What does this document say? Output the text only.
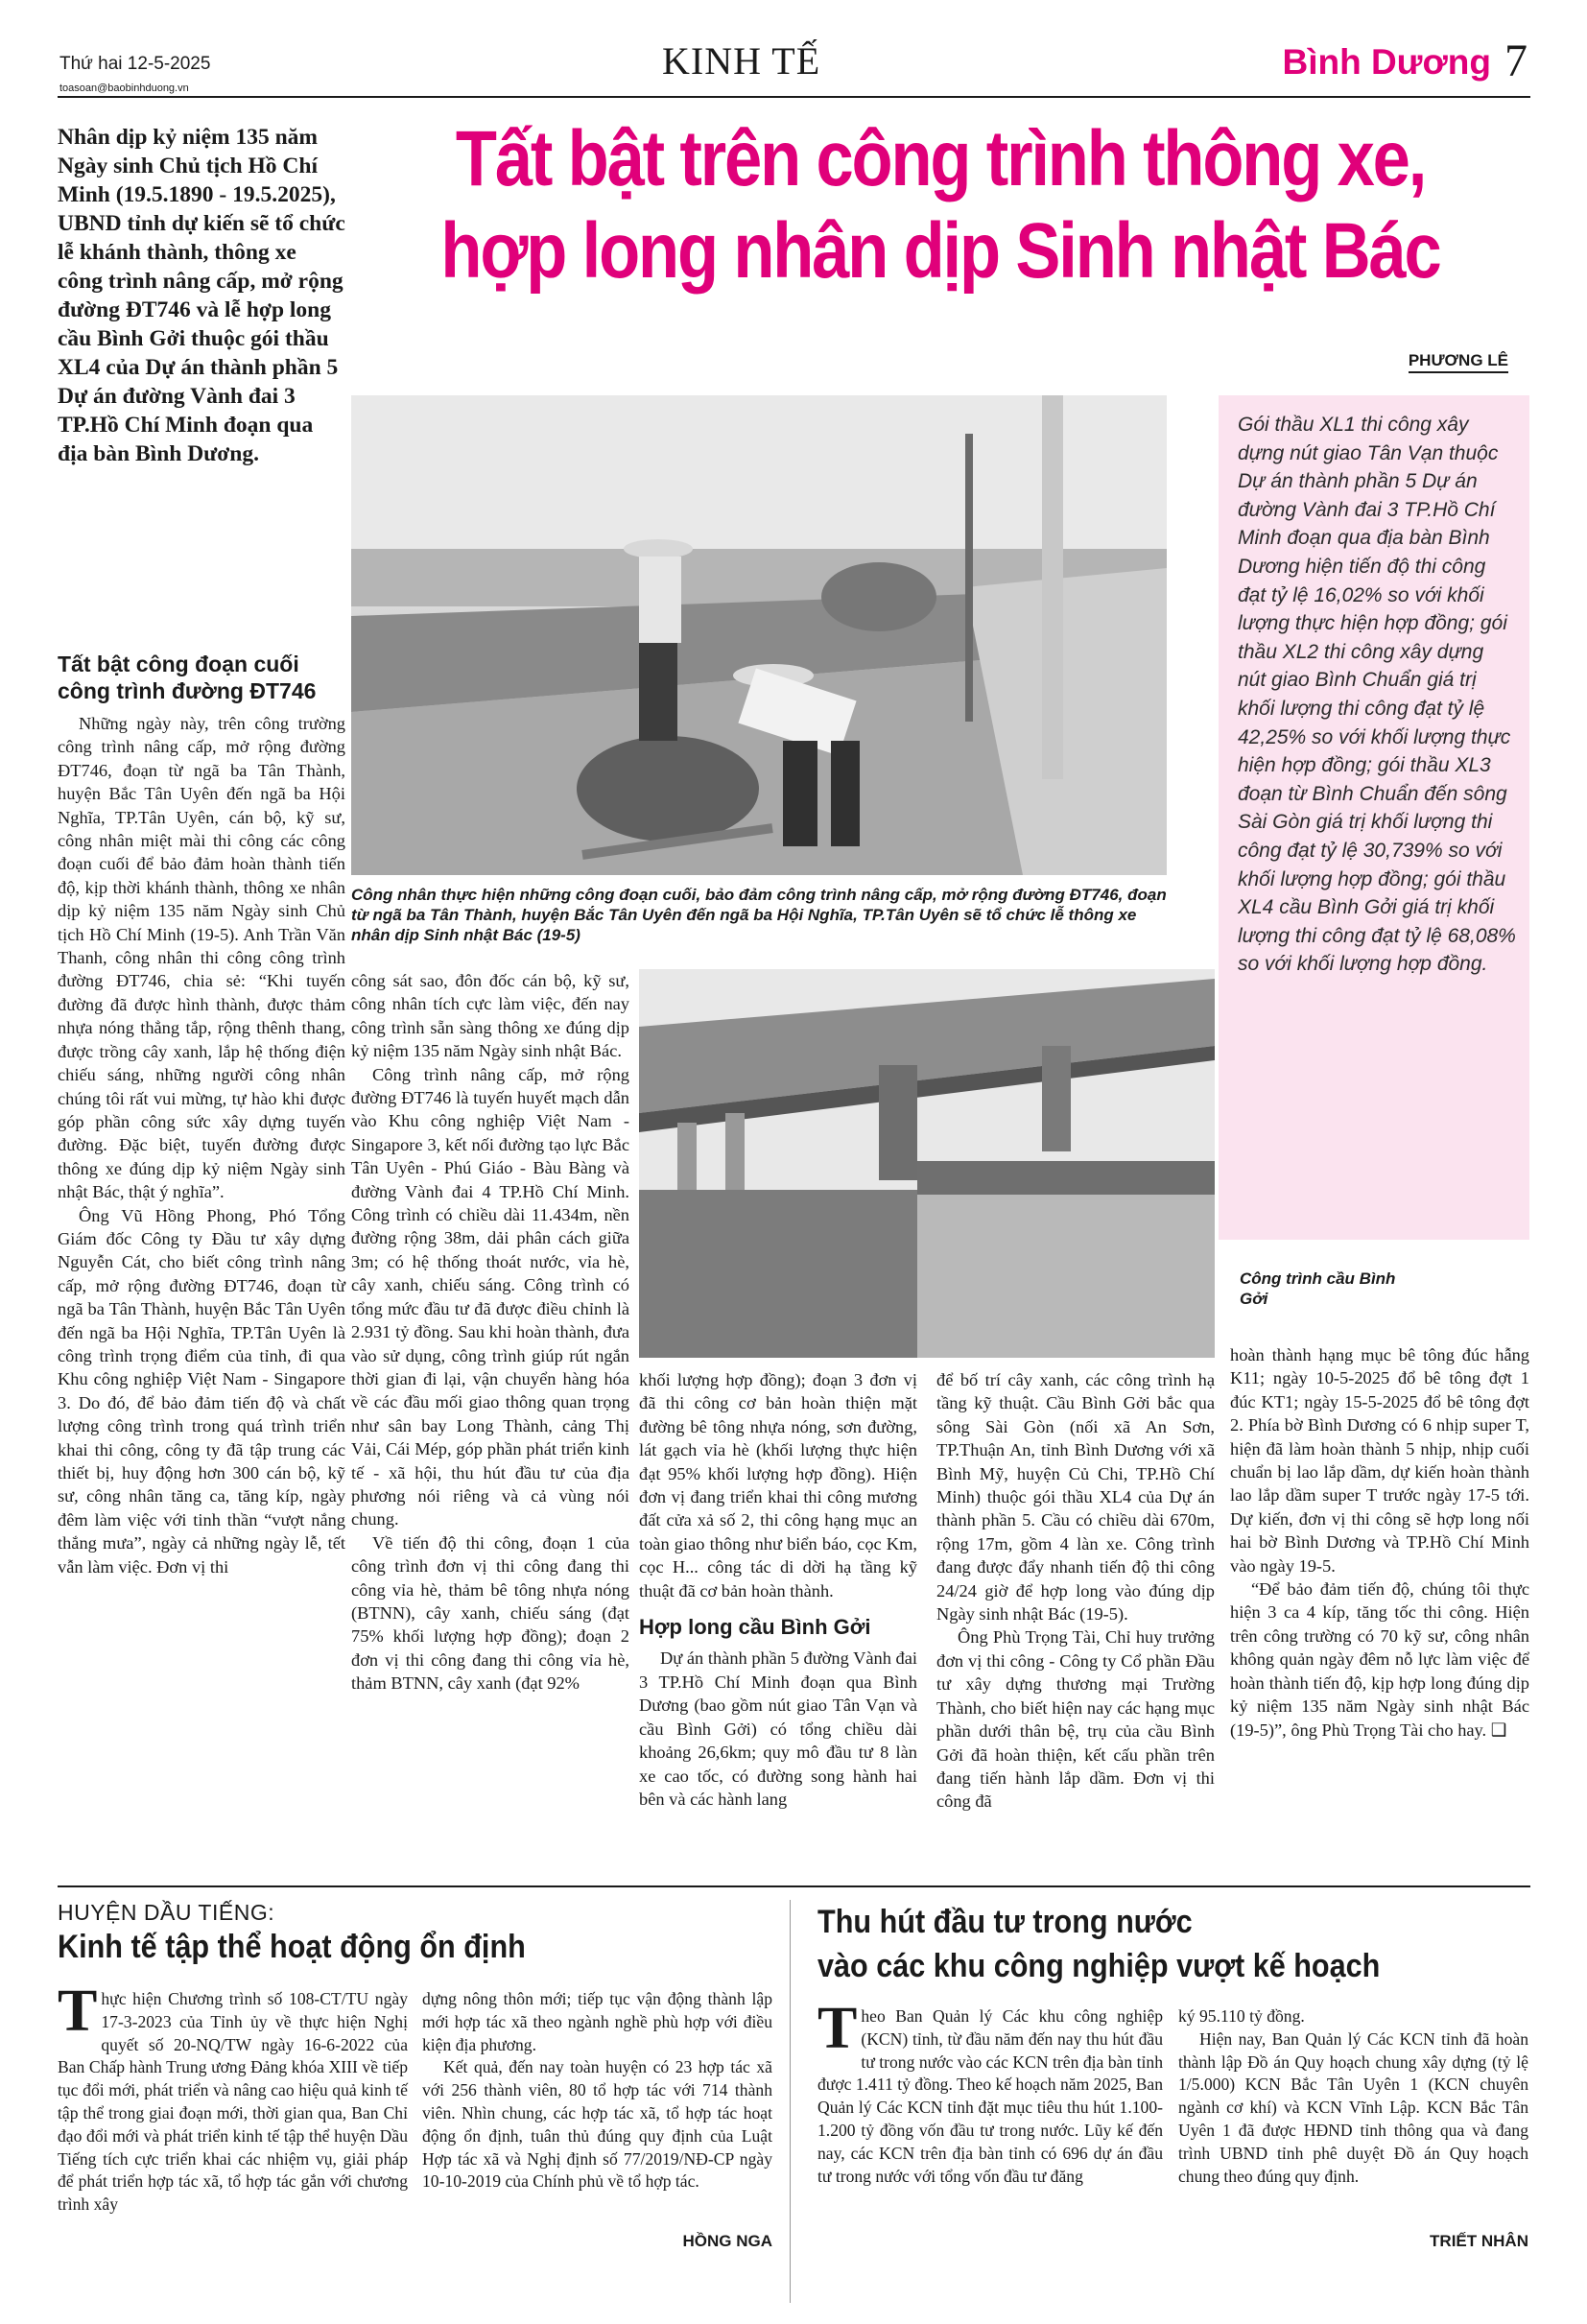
Thứ hai 12-5-2025
toasoan@baobinhduong.vn
KINH TẾ	Bình Dương 7
Nhân dịp kỷ niệm 135 năm Ngày sinh Chủ tịch Hồ Chí Minh (19.5.1890 - 19.5.2025), UBND tỉnh dự kiến sẽ tổ chức lễ khánh thành, thông xe công trình nâng cấp, mở rộng đường ĐT746 và lễ hợp long cầu Bình Gởi thuộc gói thầu XL4 của Dự án thành phần 5 Dự án đường Vành đai 3 TP.Hồ Chí Minh đoạn qua địa bàn Bình Dương.
Tất bật trên công trình thông xe,
hợp long nhân dịp Sinh nhật Bác
PHƯƠNG LÊ
Công nhân thực hiện những công đoạn cuối, bảo đảm công trình nâng cấp, mở rộng đường ĐT746, đoạn từ ngã ba Tân Thành, huyện Bắc Tân Uyên đến ngã ba Hội Nghĩa, TP.Tân Uyên sẽ tổ chức lễ thông xe nhân dịp Sinh nhật Bác (19-5)
Gói thầu XL1 thi công xây dựng nút giao Tân Vạn thuộc Dự án thành phần 5 Dự án đường Vành đai 3 TP.Hồ Chí Minh đoạn qua địa bàn Bình Dương hiện tiến độ thi công đạt tỷ lệ 16,02% so với khối lượng thực hiện hợp đồng; gói thầu XL2 thi công xây dựng nút giao Bình Chuẩn giá trị khối lượng thi công đạt tỷ lệ 42,25% so với khối lượng thực hiện hợp đồng; gói thầu XL3 đoạn từ Bình Chuẩn đến sông Sài Gòn giá trị khối lượng thi công đạt tỷ lệ 30,739% so với khối lượng hợp đồng; gói thầu XL4 cầu Bình Gởi giá trị khối lượng thi công đạt tỷ lệ 68,08% so với khối lượng hợp đồng.
Công trình cầu Bình Gởi
Tất bật công đoạn cuối công trình đường ĐT746

Những ngày này, trên công trường công trình nâng cấp, mở rộng đường ĐT746, đoạn từ ngã ba Tân Thành, huyện Bắc Tân Uyên đến ngã ba Hội Nghĩa, TP.Tân Uyên, cán bộ, kỹ sư, công nhân miệt mài thi công các công đoạn cuối để bảo đảm hoàn thành tiến độ, kịp thời khánh thành, thông xe nhân dịp kỷ niệm 135 năm Ngày sinh Chủ tịch Hồ Chí Minh (19-5). Anh Trần Văn Thanh, công nhân thi công công trình đường ĐT746, chia sẻ: “Khi tuyến đường đã được hình thành, được thảm nhựa nóng thẳng tắp, rộng thênh thang, được trồng cây xanh, lắp hệ thống điện chiếu sáng, những người công nhân chúng tôi rất vui mừng, tự hào khi được góp phần công sức xây dựng tuyến đường. Đặc biệt, tuyến đường được thông xe đúng dịp kỷ niệm Ngày sinh nhật Bác, thật ý nghĩa”.

Ông Vũ Hồng Phong, Phó Tổng Giám đốc Công ty Đầu tư xây dựng Nguyễn Cát, cho biết công trình nâng cấp, mở rộng đường ĐT746, đoạn từ ngã ba Tân Thành, huyện Bắc Tân Uyên đến ngã ba Hội Nghĩa, TP.Tân Uyên là công trình trọng điểm của tỉnh, đi qua Khu công nghiệp Việt Nam - Singapore 3. Do đó, để bảo đảm tiến độ và chất lượng công trình trong quá trình triển khai thi công, công ty đã tập trung các thiết bị, huy động hơn 300 cán bộ, kỹ sư, công nhân tăng ca, tăng kíp, ngày đêm làm việc với tinh thần “vượt nắng thắng mưa”, ngày cả những ngày lễ, tết vẫn làm việc. Đơn vị thi

công sát sao, đôn đốc cán bộ, kỹ sư, công nhân tích cực làm việc, đến nay công trình sẵn sàng thông xe đúng dịp kỷ niệm 135 năm Ngày sinh nhật Bác.

Công trình nâng cấp, mở rộng đường ĐT746 là tuyến huyết mạch dẫn vào Khu công nghiệp Việt Nam - Singapore 3, kết nối đường tạo lực Bắc Tân Uyên - Phú Giáo - Bàu Bàng và đường Vành đai 4 TP.Hồ Chí Minh. Công trình có chiều dài 11.434m, nền đường rộng 38m, dải phân cách giữa 3m; có hệ thống thoát nước, vỉa hè, cây xanh, chiếu sáng. Công trình có tổng mức đầu tư đã được điều chỉnh là 2.931 tỷ đồng. Sau khi hoàn thành, đưa vào sử dụng, công trình giúp rút ngắn thời gian đi lại, vận chuyển hàng hóa về các đầu mối giao thông quan trọng như sân bay Long Thành, cảng Thị Vải, Cái Mép, góp phần phát triển kinh tế - xã hội, thu hút đầu tư của địa phương nói riêng và cả vùng nói chung.

Về tiến độ thi công, đoạn 1 của công trình đơn vị thi công đang thi công vỉa hè, thảm bê tông nhựa nóng (BTNN), cây xanh, chiếu sáng (đạt 75% khối lượng hợp đồng); đoạn 2 đơn vị thi công đang thi công vỉa hè, thảm BTNN, cây xanh (đạt 92%

khối lượng hợp đồng); đoạn 3 đơn vị đã thi công cơ bản hoàn thiện mặt đường bê tông nhựa nóng, sơn đường, lát gạch vỉa hè (khối lượng thực hiện đạt 95% khối lượng hợp đồng). Hiện đơn vị đang triển khai thi công mương đất cửa xả số 2, thi công hạng mục an toàn giao thông như biển báo, cọc Km, cọc H... công tác di dời hạ tầng kỹ thuật đã cơ bản hoàn thành.

Hợp long cầu Bình Gởi

Dự án thành phần 5 đường Vành đai 3 TP.Hồ Chí Minh đoạn qua Bình Dương (bao gồm nút giao Tân Vạn và cầu Bình Gởi) có tổng chiều dài khoảng 26,6km; quy mô đầu tư 8 làn xe cao tốc, có đường song hành hai bên và các hành lang

để bố trí cây xanh, các công trình hạ tầng kỹ thuật. Cầu Bình Gởi bắc qua sông Sài Gòn (nối xã An Sơn, TP.Thuận An, tỉnh Bình Dương với xã Bình Mỹ, huyện Củ Chi, TP.Hồ Chí Minh) thuộc gói thầu XL4 của Dự án thành phần 5. Cầu có chiều dài 670m, rộng 17m, gồm 4 làn xe. Công trình đang được đẩy nhanh tiến độ thi công 24/24 giờ để hợp long vào đúng dịp Ngày sinh nhật Bác (19-5).

Ông Phù Trọng Tài, Chỉ huy trưởng đơn vị thi công - Công ty Cổ phần Đầu tư xây dựng thương mại Trường Thành, cho biết hiện nay các hạng mục phần dưới thân bệ, trụ của cầu Bình Gởi đã hoàn thiện, kết cấu phần trên đang tiến hành lắp dầm. Đơn vị thi công đã

hoàn thành hạng mục bê tông đúc hẫng K11; ngày 10-5-2025 đổ bê tông đợt 1 đúc KT1; ngày 15-5-2025 đổ bê tông đợt 2. Phía bờ Bình Dương có 6 nhịp super T, hiện đã làm hoàn thành 5 nhịp, nhịp cuối chuẩn bị lao lắp dầm, dự kiến hoàn thành lao lắp dầm super T trước ngày 17-5 tới. Dự kiến, đơn vị thi công sẽ hợp long nối hai bờ Bình Dương và TP.Hồ Chí Minh vào ngày 19-5.

“Để bảo đảm tiến độ, chúng tôi thực hiện 3 ca 4 kíp, tăng tốc thi công. Hiện trên công trường có 70 kỹ sư, công nhân không quản ngày đêm nỗ lực làm việc để hoàn thành tiến độ, kịp hợp long đúng dịp kỷ niệm 135 năm Ngày sinh nhật Bác (19-5)”, ông Phù Trọng Tài cho hay. ❑

HUYỆN DẦU TIẾNG:
Kinh tế tập thể hoạt động ổn định

Thực hiện Chương trình số 108-CT/TU ngày 17-3-2023 của Tỉnh ủy về thực hiện Nghị quyết số 20-NQ/TW ngày 16-6-2022 của Ban Chấp hành Trung ương Đảng khóa XIII về tiếp tục đổi mới, phát triển và nâng cao hiệu quả kinh tế tập thể trong giai đoạn mới, thời gian qua, Ban Chỉ đạo đổi mới và phát triển kinh tế tập thể huyện Dầu Tiếng tích cực triển khai các nhiệm vụ, giải pháp để phát triển hợp tác xã, tổ hợp tác gắn với chương trình xây

dựng nông thôn mới; tiếp tục vận động thành lập mới hợp tác xã theo ngành nghề phù hợp với điều kiện địa phương.

Kết quả, đến nay toàn huyện có 23 hợp tác xã với 256 thành viên, 80 tổ hợp tác với 714 thành viên. Nhìn chung, các hợp tác xã, tổ hợp tác hoạt động ổn định, tuân thủ đúng quy định của Luật Hợp tác xã và Nghị định số 77/2019/NĐ-CP ngày 10-10-2019 của Chính phủ về tổ hợp tác.

HỒNG NGA
Thu hút đầu tư trong nước
vào các khu công nghiệp vượt kế hoạch

Theo Ban Quản lý Các khu công nghiệp (KCN) tỉnh, từ đầu năm đến nay thu hút đầu tư trong nước vào các KCN trên địa bàn tỉnh được 1.411 tỷ đồng. Theo kế hoạch năm 2025, Ban Quản lý Các KCN tỉnh đặt mục tiêu thu hút 1.100-1.200 tỷ đồng vốn đầu tư trong nước. Lũy kế đến nay, các KCN trên địa bàn tỉnh có 696 dự án đầu tư trong nước với tổng vốn đầu tư đăng

ký 95.110 tỷ đồng.

Hiện nay, Ban Quản lý Các KCN tỉnh đã hoàn thành lập Đồ án Quy hoạch chung xây dựng (tỷ lệ 1/5.000) KCN Bắc Tân Uyên 1 (KCN chuyên ngành cơ khí) và KCN Vĩnh Lập. KCN Bắc Tân Uyên 1 đã được HĐND tỉnh thông qua và đang trình UBND tỉnh phê duyệt Đồ án Quy hoạch chung theo đúng quy định.

TRIẾT NHÂN
